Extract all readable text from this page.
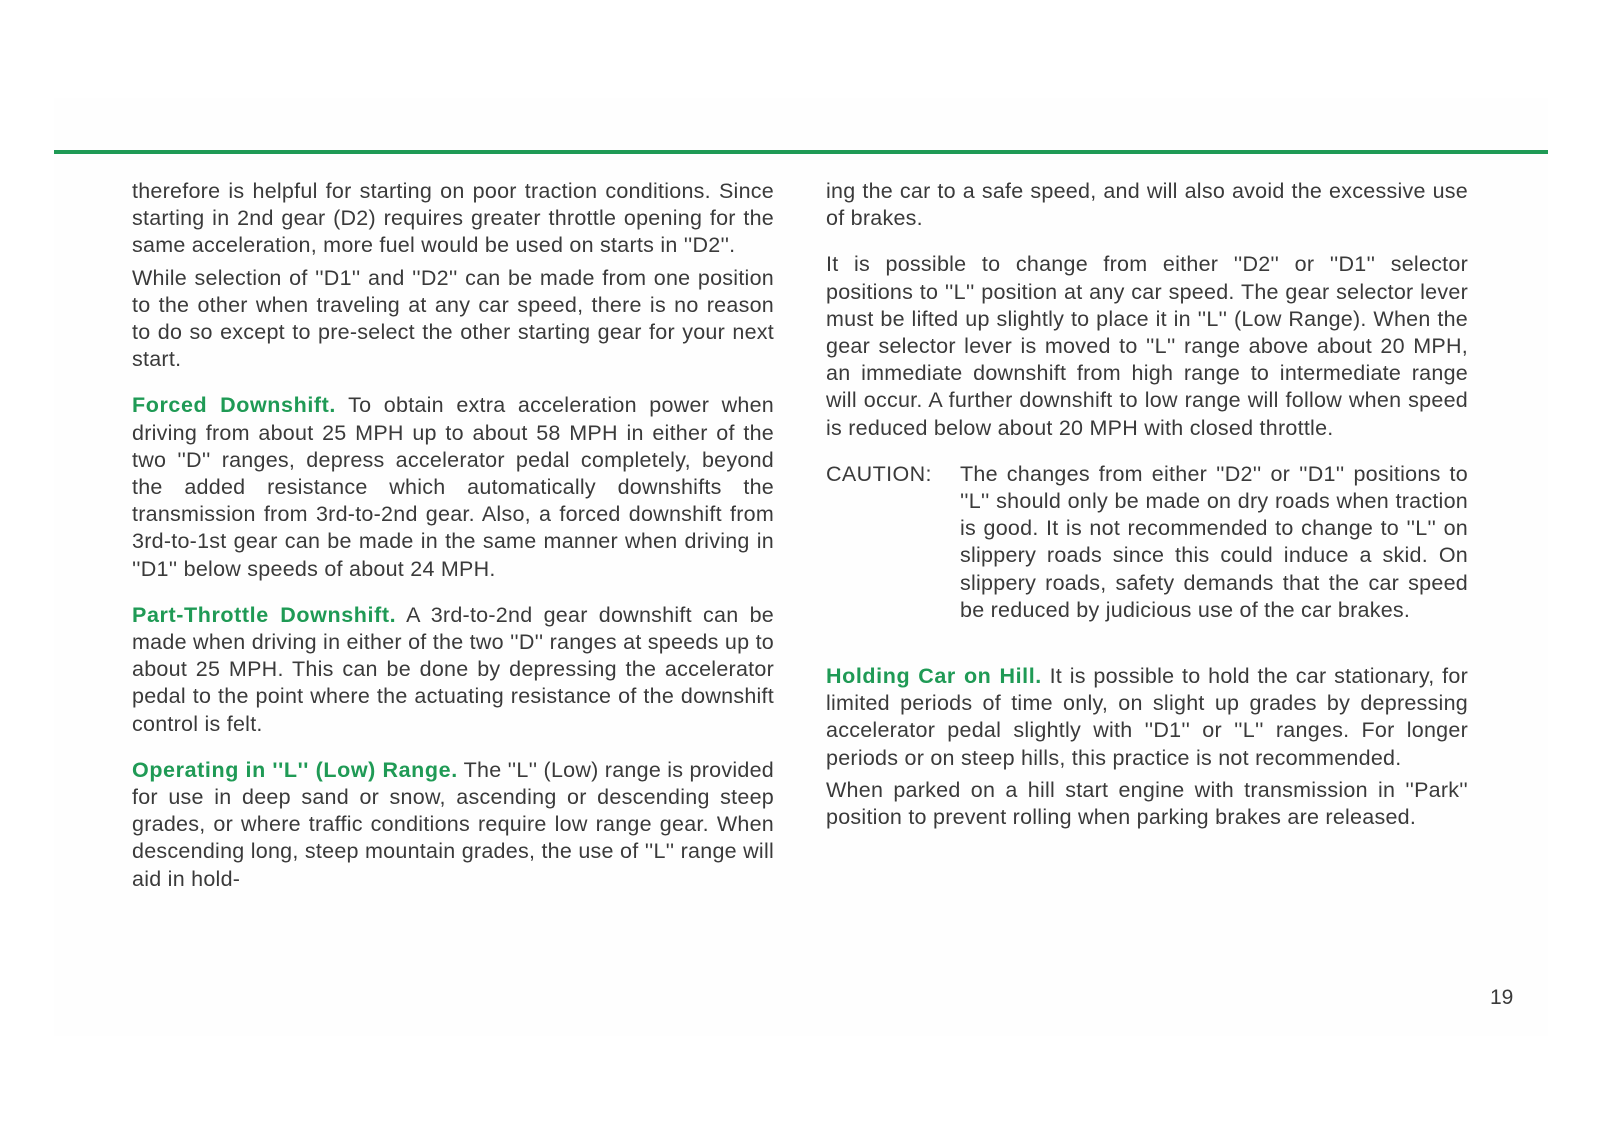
therefore is helpful for starting on poor traction conditions. Since starting in 2nd gear (D2) requires greater throttle opening for the same acceleration, more fuel would be used on starts in ''D2''.

While selection of ''D1'' and ''D2'' can be made from one position to the other when traveling at any car speed, there is no reason to do so except to pre-select the other starting gear for your next start.

Forced Downshift. To obtain extra acceleration power when driving from about 25 MPH up to about 58 MPH in either of the two ''D'' ranges, depress accelerator pedal completely, beyond the added resistance which automatically downshifts the transmission from 3rd-to-2nd gear. Also, a forced downshift from 3rd-to-1st gear can be made in the same manner when driving in ''D1'' below speeds of about 24 MPH.

Part-Throttle Downshift. A 3rd-to-2nd gear downshift can be made when driving in either of the two ''D'' ranges at speeds up to about 25 MPH. This can be done by depressing the accelerator pedal to the point where the actuating resistance of the downshift control is felt.

Operating in ''L'' (Low) Range. The ''L'' (Low) range is provided for use in deep sand or snow, ascending or descending steep grades, or where traffic conditions require low range gear. When descending long, steep mountain grades, the use of ''L'' range will aid in hold-

ing the car to a safe speed, and will also avoid the excessive use of brakes.

It is possible to change from either ''D2'' or ''D1'' selector positions to ''L'' position at any car speed. The gear selector lever must be lifted up slightly to place it in ''L'' (Low Range). When the gear selector lever is moved to ''L'' range above about 20 MPH, an immediate downshift from high range to intermediate range will occur. A further downshift to low range will follow when speed is reduced below about 20 MPH with closed throttle.

CAUTION:	The changes from either ''D2'' or ''D1'' positions to ''L'' should only be made on dry roads when traction is good. It is not recommended to change to ''L'' on slippery roads since this could induce a skid. On slippery roads, safety demands that the car speed be reduced by judicious use of the car brakes.

Holding Car on Hill. It is possible to hold the car stationary, for limited periods of time only, on slight up grades by depressing accelerator pedal slightly with ''D1'' or ''L'' ranges. For longer periods or on steep hills, this practice is not recommended.

When parked on a hill start engine with transmission in ''Park'' position to prevent rolling when parking brakes are released.

19
